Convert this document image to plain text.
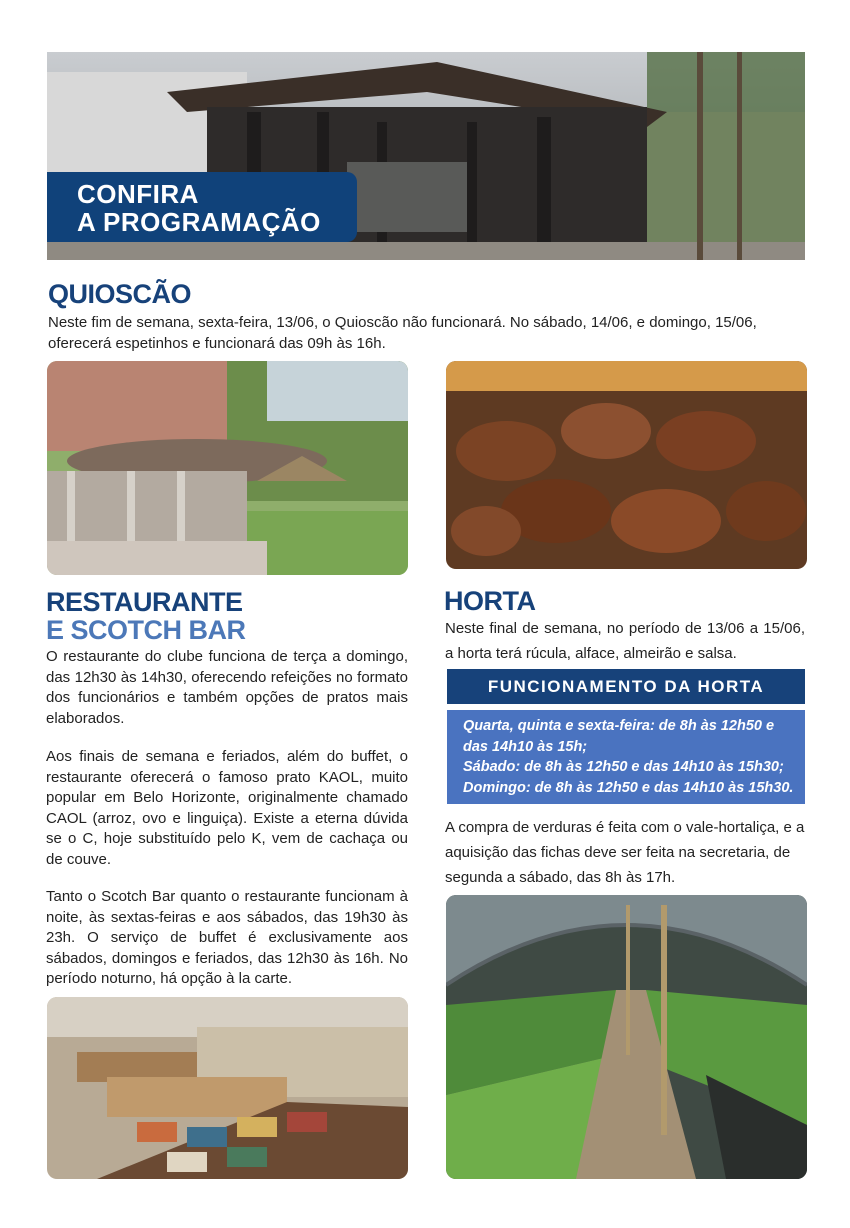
CONFIRA
A PROGRAMAÇÃO
QUIOSCÃO
Neste fim de semana, sexta-feira, 13/06, o Quioscão não funcionará. No sábado, 14/06, e domingo, 15/06, oferecerá espetinhos e funcionará das 09h às 16h.
RESTAURANTE
E SCOTCH BAR
O restaurante do clube funciona de terça a domingo, das 12h30 às 14h30, oferecendo refeições no formato dos funcionários e também opções de pratos mais elaborados.
Aos finais de semana e feriados, além do buffet, o restaurante oferecerá o famoso prato KAOL, muito popular em Belo Horizonte, originalmente chamado CAOL (arroz, ovo e linguiça). Existe a eterna dúvida se o C, hoje substituído pelo K, vem de cachaça ou de couve.
Tanto o Scotch Bar quanto o restaurante funcionam à noite, às sextas-feiras e aos sábados, das 19h30 às 23h. O serviço de buffet é exclusivamente aos sábados, domingos e feriados, das 12h30 às 16h. No período noturno, há opção à la carte.
HORTA
Neste final de semana, no período de 13/06 a 15/06, a horta terá rúcula, alface, almeirão e salsa.
FUNCIONAMENTO DA HORTA
Quarta, quinta e sexta-feira: de 8h às 12h50 e das 14h10 às 15h;
Sábado: de 8h às 12h50 e das 14h10 às 15h30;
Domingo: de 8h às 12h50 e das 14h10 às 15h30.
A compra de verduras é feita com o vale-hortaliça, e a aquisição das fichas deve ser feita na secretaria, de segunda a sábado, das 8h às 17h.
